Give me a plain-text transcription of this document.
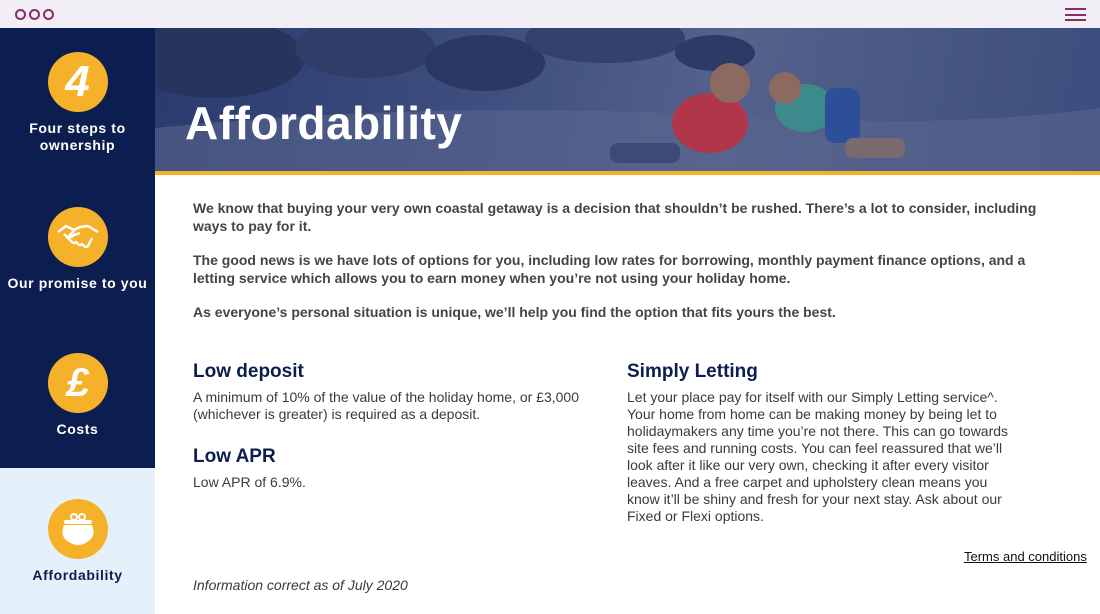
4
Four steps to ownership
Our promise to you
£
Costs
Affordability
Affordability

We know that buying your very own coastal getaway is a decision that shouldn’t be rushed. There’s a lot to consider, including ways to pay for it.

The good news is we have lots of options for you, including low rates for borrowing, monthly payment finance options, and a letting service which allows you to earn money when you’re not using your holiday home.

As everyone’s personal situation is unique, we’ll help you find the option that fits yours the best.

Low deposit

A minimum of 10% of the value of the holiday home, or £3,000 (whichever is greater) is required as a deposit.

Low APR

Low APR of 6.9%.

Simply Letting

Let your place pay for itself with our Simply Letting service^. Your home from home can be making money by being let to holidaymakers any time you’re not there. This can go towards site fees and running costs. You can feel reassured that we’ll look after it like our very own, checking it after every visitor leaves. And a free carpet and upholstery clean means you know it’ll be shiny and fresh for your next stay. Ask about our Fixed or Flexi options.

Terms and conditions
Information correct as of July 2020
